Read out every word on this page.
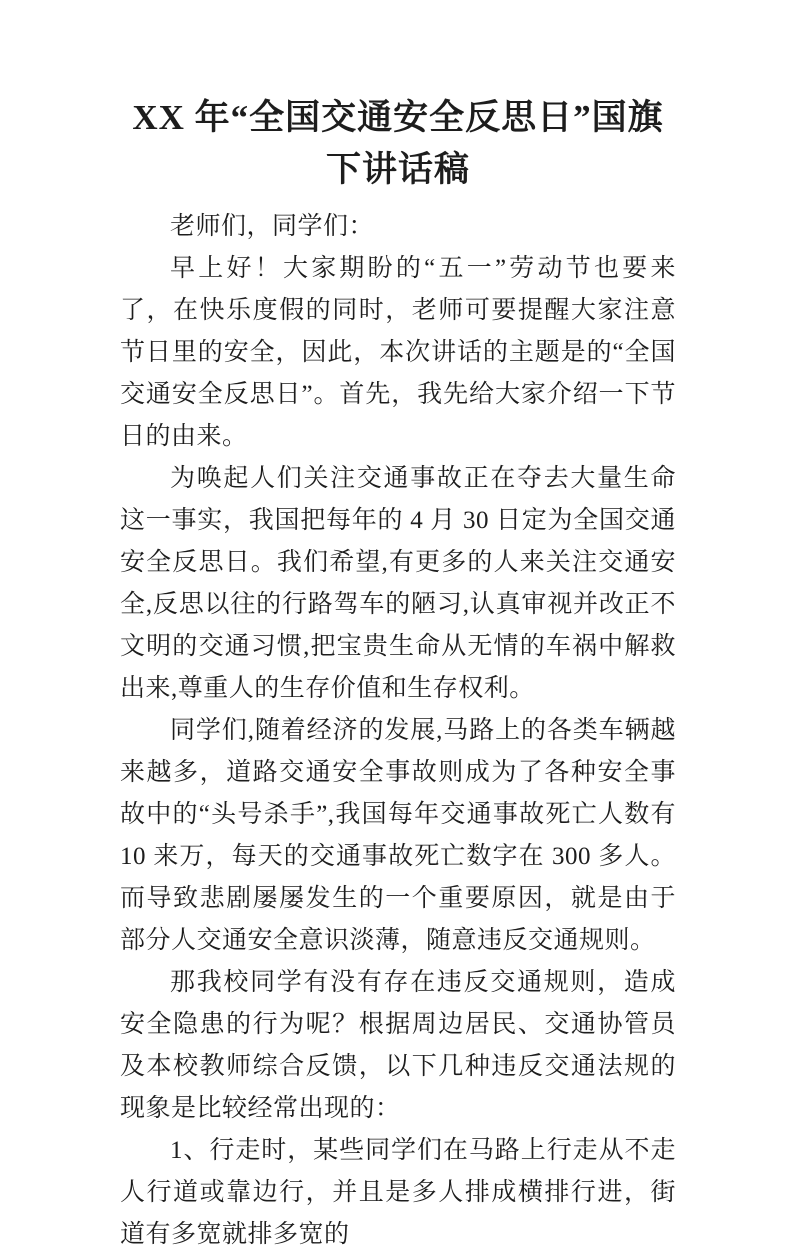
XX 年“全国交通安全反思日”国旗下讲话稿

老师们，同学们：

早上好！大家期盼的“五一”劳动节也要来了，在快乐度假的同时，老师可要提醒大家注意节日里的安全，因此，本次讲话的主题是的“全国交通安全反思日”。首先，我先给大家介绍一下节日的由来。

为唤起人们关注交通事故正在夺去大量生命这一事实，我国把每年的 4 月 30 日定为全国交通安全反思日。我们希望,有更多的人来关注交通安全,反思以往的行路驾车的陋习,认真审视并改正不文明的交通习惯,把宝贵生命从无情的车祸中解救出来,尊重人的生存价值和生存权利。

同学们,随着经济的发展,马路上的各类车辆越来越多，道路交通安全事故则成为了各种安全事故中的“头号杀手”,我国每年交通事故死亡人数有 10 来万，每天的交通事故死亡数字在 300 多人。而导致悲剧屡屡发生的一个重要原因，就是由于部分人交通安全意识淡薄，随意违反交通规则。

那我校同学有没有存在违反交通规则，造成安全隐患的行为呢？根据周边居民、交通协管员及本校教师综合反馈，以下几种违反交通法规的现象是比较经常出现的：

1、行走时，某些同学们在马路上行走从不走人行道或靠边行，并且是多人排成横排行进，街道有多宽就排多宽的
